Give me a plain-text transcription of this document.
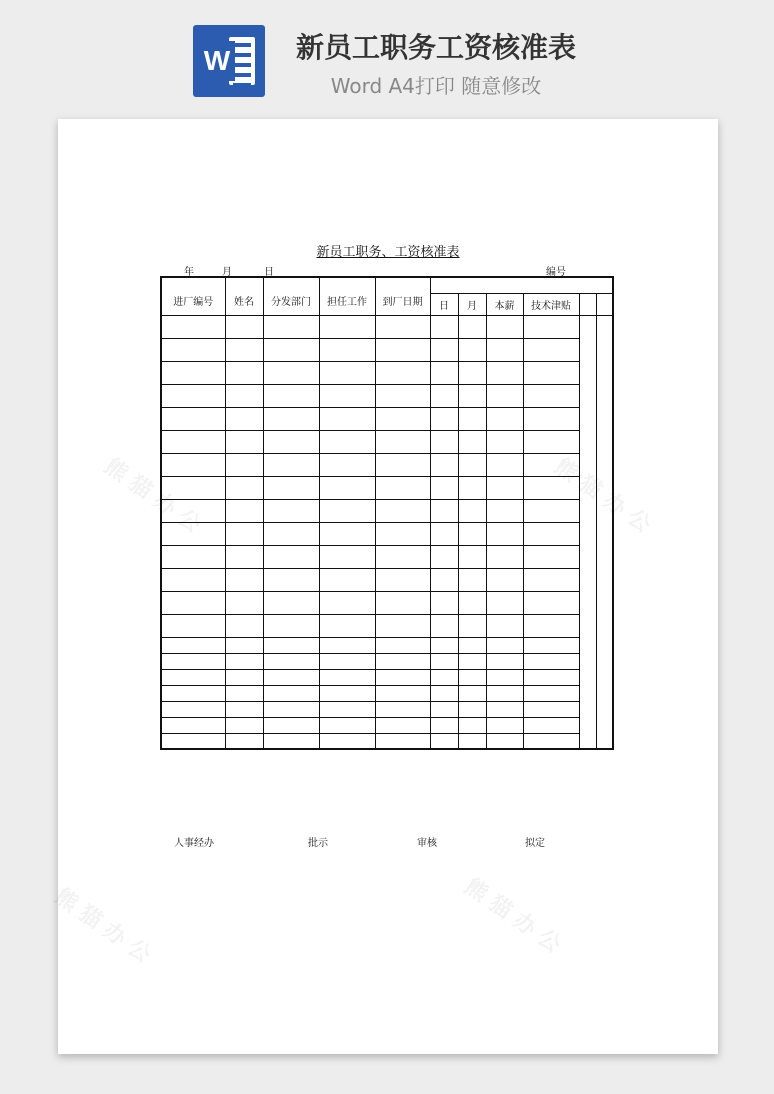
W	新员工职务工资核准表
Word A4打印 随意修改
熊 猫 办 公	熊 猫 办 公
熊 猫 办 公	熊 猫 办 公
新员工职务、工资核准表
年	月	日	编号

进厂编号	姓名	分发部门	担任工作	到厂日期	日	月	本薪	技术津贴		

人事经办	批示	审核	拟定
